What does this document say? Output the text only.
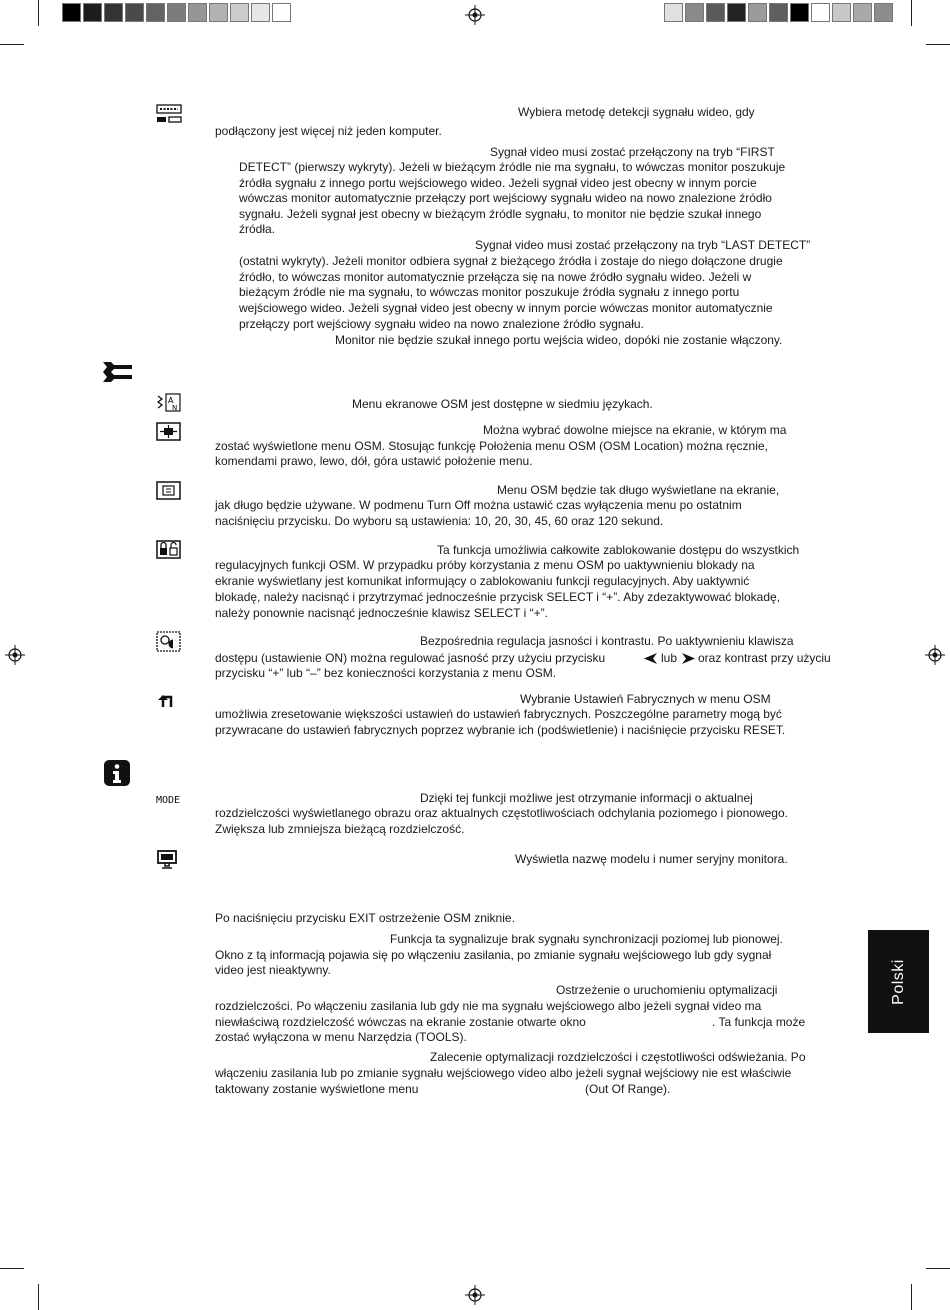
A
N
MODE
Wybiera metodę detekcji sygnału wideo, gdy
podłączony jest więcej niż jeden komputer.
Sygnał video musi zostać przełączony na tryb “FIRST
DETECT” (pierwszy wykryty). Jeżeli w bieżącym źródle nie ma sygnału, to wówczas monitor poszukuje
źródła sygnału z innego portu wejściowego wideo. Jeżeli sygnał video jest obecny w innym porcie
wówczas monitor automatycznie przełączy port wejściowy sygnału wideo na nowo znalezione źródło
sygnału. Jeżeli sygnał jest obecny w bieżącym źródle sygnału, to monitor nie będzie szukał innego
źródła.
Sygnał video musi zostać przełączony na tryb “LAST DETECT”
(ostatni wykryty). Jeżeli monitor odbiera sygnał z bieżącego źródła i zostaje do niego dołączone drugie
źródło, to wówczas monitor automatycznie przełącza się na nowe źródło sygnału wideo. Jeżeli w
bieżącym źródle nie ma sygnału, to wówczas monitor poszukuje źródła sygnału z innego portu
wejściowego wideo. Jeżeli sygnał video jest obecny w innym porcie wówczas monitor automatycznie
przełączy port wejściowy sygnału wideo na nowo znalezione źródło sygnału.
Monitor nie będzie szukał innego portu wejścia wideo, dopóki nie zostanie włączony.
Menu ekranowe OSM jest dostępne w siedmiu językach.
Można wybrać dowolne miejsce na ekranie, w którym ma
zostać wyświetlone menu OSM. Stosując funkcję Położenia menu OSM (OSM Location) można ręcznie,
komendami prawo, lewo, dół, góra ustawić położenie menu.
Menu OSM będzie tak długo wyświetlane na ekranie,
jak długo będzie używane. W podmenu Turn Off można ustawić czas wyłączenia menu po ostatnim
naciśnięciu przycisku. Do wyboru są ustawienia: 10, 20, 30, 45, 60 oraz 120 sekund.
Ta funkcja umożliwia całkowite zablokowanie dostępu do wszystkich
regulacyjnych funkcji OSM. W przypadku próby korzystania z menu OSM po uaktywnieniu blokady na
ekranie wyświetlany jest komunikat informujący o zablokowaniu funkcji regulacyjnych. Aby uaktywnić
blokadę, należy nacisnąć i przytrzymać jednocześnie przycisk SELECT i “+”. Aby zdezaktywować blokadę,
należy ponownie nacisnąć jednocześnie klawisz SELECT i “+”.
Bezpośrednia regulacja jasności i kontrastu. Po uaktywnieniu klawisza
dostępu (ustawienie ON) można regulować jasność przy użyciu przycisku	lub oraz kontrast przy użyciu
przycisku “+” lub “–” bez konieczności korzystania z menu OSM.
Wybranie Ustawień Fabrycznych w menu OSM
umożliwia zresetowanie większości ustawień do ustawień fabrycznych. Poszczególne parametry mogą być
przywracane do ustawień fabrycznych poprzez wybranie ich (podświetlenie) i naciśnięcie przycisku RESET.
Dzięki tej funkcji możliwe jest otrzymanie informacji o aktualnej
rozdzielczości wyświetlanego obrazu oraz aktualnych częstotliwościach odchylania poziomego i pionowego.
Zwiększa lub zmniejsza bieżącą rozdzielczość.
Wyświetla nazwę modelu i numer seryjny monitora.
Po naciśnięciu przycisku EXIT ostrzeżenie OSM zniknie.
Funkcja ta sygnalizuje brak sygnału synchronizacji poziomej lub pionowej.
Okno z tą informacją pojawia się po włączeniu zasilania, po zmianie sygnału wejściowego lub gdy sygnał
video jest nieaktywny.
Ostrzeżenie o uruchomieniu optymalizacji
rozdzielczości. Po włączeniu zasilania lub gdy nie ma sygnału wejściowego albo jeżeli sygnał video ma
niewłaściwą rozdzielczość wówczas na ekranie zostanie otwarte okno	. Ta funkcja może
zostać wyłączona w menu Narzędzia (TOOLS).
Zalecenie optymalizacji rozdzielczości i częstotliwości odświeżania. Po
włączeniu zasilania lub po zmianie sygnału wejściowego video albo jeżeli sygnał wejściowy nie est właściwie
taktowany zostanie wyświetlone menu	(Out Of Range).
Polski
